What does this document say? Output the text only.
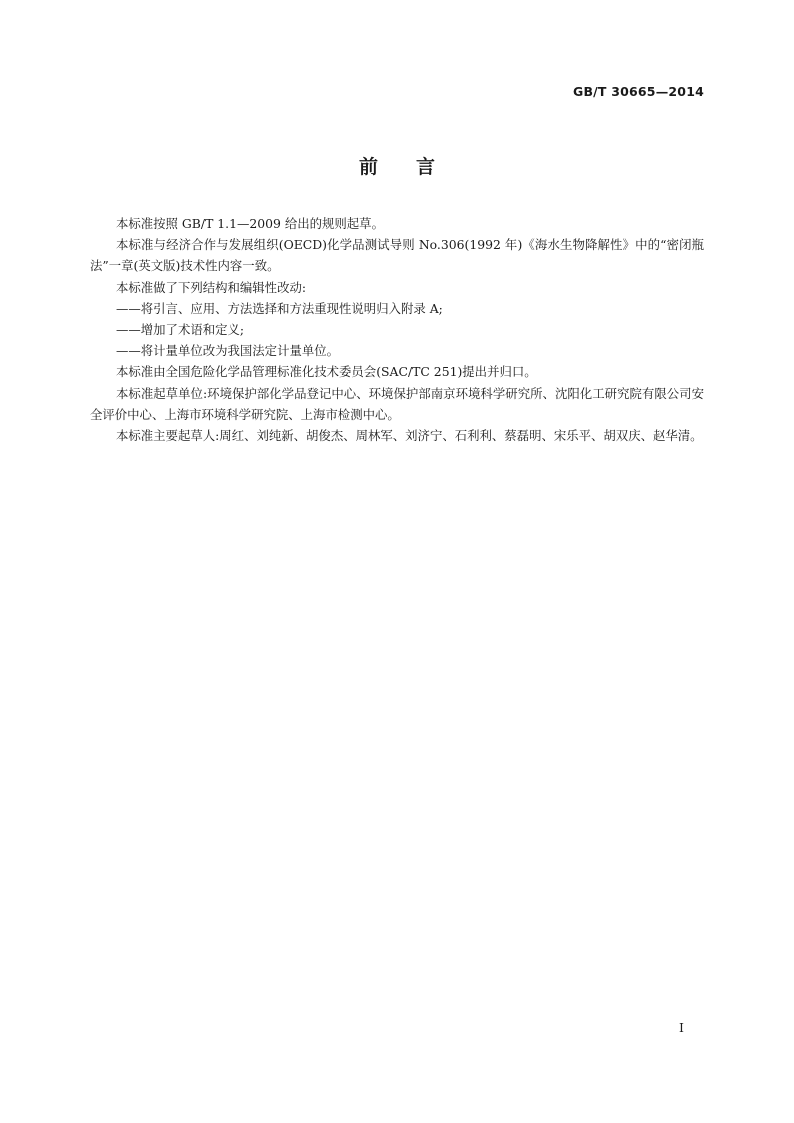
GB/T 30665—2014
前言

本标准按照 GB/T 1.1—2009 给出的规则起草。

本标准与经济合作与发展组织(OECD)化学品测试导则 No.306(1992 年)《海水生物降解性》中的“密闭瓶法”一章(英文版)技术性内容一致。

本标准做了下列结构和编辑性改动:

——将引言、应用、方法选择和方法重现性说明归入附录 A;

——增加了术语和定义;

——将计量单位改为我国法定计量单位。

本标准由全国危险化学品管理标准化技术委员会(SAC/TC 251)提出并归口。

本标准起草单位:环境保护部化学品登记中心、环境保护部南京环境科学研究所、沈阳化工研究院有限公司安全评价中心、上海市环境科学研究院、上海市检测中心。

本标准主要起草人:周红、刘纯新、胡俊杰、周林军、刘济宁、石利利、蔡磊明、宋乐平、胡双庆、赵华清。

I
